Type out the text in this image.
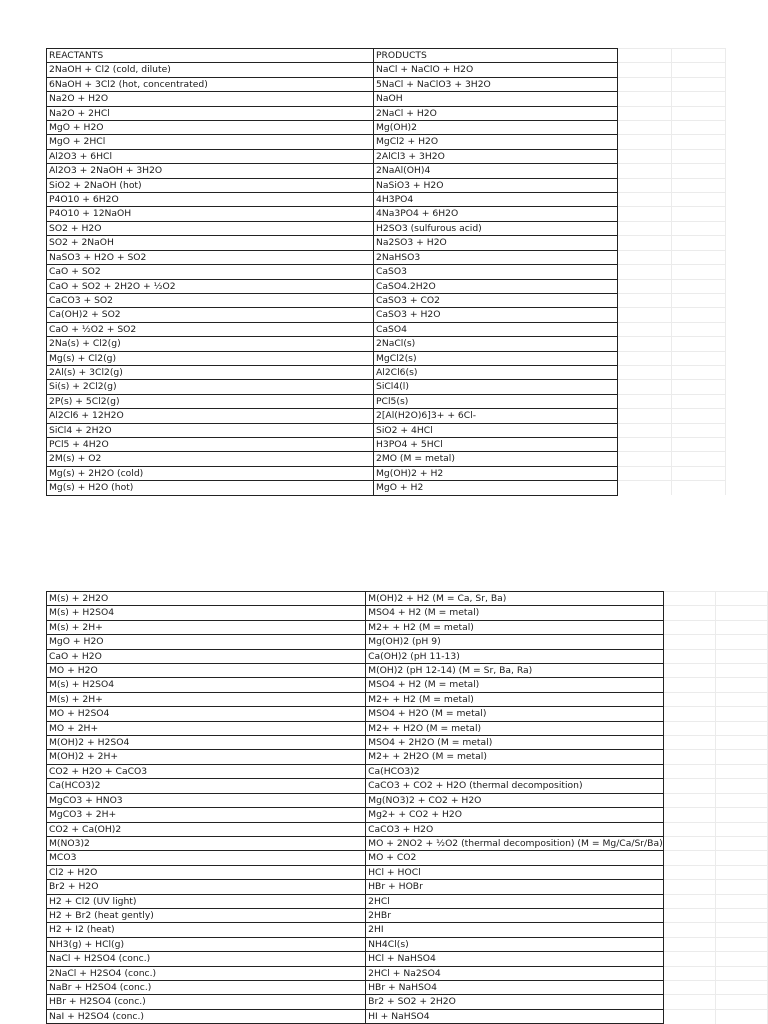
REACTANTS	PRODUCTS		
2NaOH + Cl2 (cold, dilute)	NaCl + NaClO + H2O		
6NaOH + 3Cl2 (hot, concentrated)	5NaCl + NaClO3 + 3H2O		
Na2O + H2O	NaOH		
Na2O + 2HCl	2NaCl + H2O		
MgO + H2O	Mg(OH)2		
MgO + 2HCl	MgCl2 + H2O		
Al2O3 + 6HCl	2AlCl3 + 3H2O		
Al2O3 + 2NaOH + 3H2O	2NaAl(OH)4		
SiO2 + 2NaOH (hot)	NaSiO3 + H2O		
P4O10 + 6H2O	4H3PO4		
P4O10 + 12NaOH	4Na3PO4 + 6H2O		
SO2 + H2O	H2SO3 (sulfurous acid)		
SO2 + 2NaOH	Na2SO3 + H2O		
NaSO3 + H2O + SO2	2NaHSO3		
CaO + SO2	CaSO3		
CaO + SO2 + 2H2O + ½O2	CaSO4.2H2O		
CaCO3 + SO2	CaSO3 + CO2		
Ca(OH)2 + SO2	CaSO3 + H2O		
CaO + ½O2 + SO2	CaSO4		
2Na(s) + Cl2(g)	2NaCl(s)		
Mg(s) + Cl2(g)	MgCl2(s)		
2Al(s) + 3Cl2(g)	Al2Cl6(s)		
Si(s) + 2Cl2(g)	SiCl4(l)		
2P(s) + 5Cl2(g)	PCl5(s)		
Al2Cl6 + 12H2O	2[Al(H2O)6]3+ + 6Cl-		
SiCl4 + 2H2O	SiO2 + 4HCl		
PCl5 + 4H2O	H3PO4 + 5HCl		
2M(s) + O2	2MO (M = metal)		
Mg(s) + 2H2O (cold)	Mg(OH)2 + H2		
Mg(s) + H2O (hot)	MgO + H2		
M(s) + 2H2O	M(OH)2 + H2 (M = Ca, Sr, Ba)		
M(s) + H2SO4	MSO4 + H2 (M = metal)		
M(s) + 2H+	M2+ + H2 (M = metal)		
MgO + H2O	Mg(OH)2 (pH 9)		
CaO + H2O	Ca(OH)2 (pH 11-13)		
MO + H2O	M(OH)2 (pH 12-14) (M = Sr, Ba, Ra)		
M(s) + H2SO4	MSO4 + H2 (M = metal)		
M(s) + 2H+	M2+ + H2 (M = metal)		
MO + H2SO4	MSO4 + H2O (M = metal)		
MO + 2H+	M2+ + H2O (M = metal)		
M(OH)2 + H2SO4	MSO4 + 2H2O (M = metal)		
M(OH)2 + 2H+	M2+ + 2H2O (M = metal)		
CO2 + H2O + CaCO3	Ca(HCO3)2		
Ca(HCO3)2	CaCO3 + CO2 + H2O (thermal decomposition)		
MgCO3 + HNO3	Mg(NO3)2 + CO2 + H2O		
MgCO3 + 2H+	Mg2+ + CO2 + H2O		
CO2 + Ca(OH)2	CaCO3 + H2O		
M(NO3)2	MO + 2NO2 + ½O2 (thermal decomposition) (M = Mg/Ca/Sr/Ba)		
MCO3	MO + CO2		
Cl2 + H2O	HCl + HOCl		
Br2 + H2O	HBr + HOBr		
H2 + Cl2 (UV light)	2HCl		
H2 + Br2 (heat gently)	2HBr		
H2 + I2 (heat)	2HI		
NH3(g) + HCl(g)	NH4Cl(s)		
NaCl + H2SO4 (conc.)	HCl + NaHSO4		
2NaCl + H2SO4 (conc.)	2HCl + Na2SO4		
NaBr + H2SO4 (conc.)	HBr + NaHSO4		
HBr + H2SO4 (conc.)	Br2 + SO2 + 2H2O		
NaI + H2SO4 (conc.)	HI + NaHSO4		
